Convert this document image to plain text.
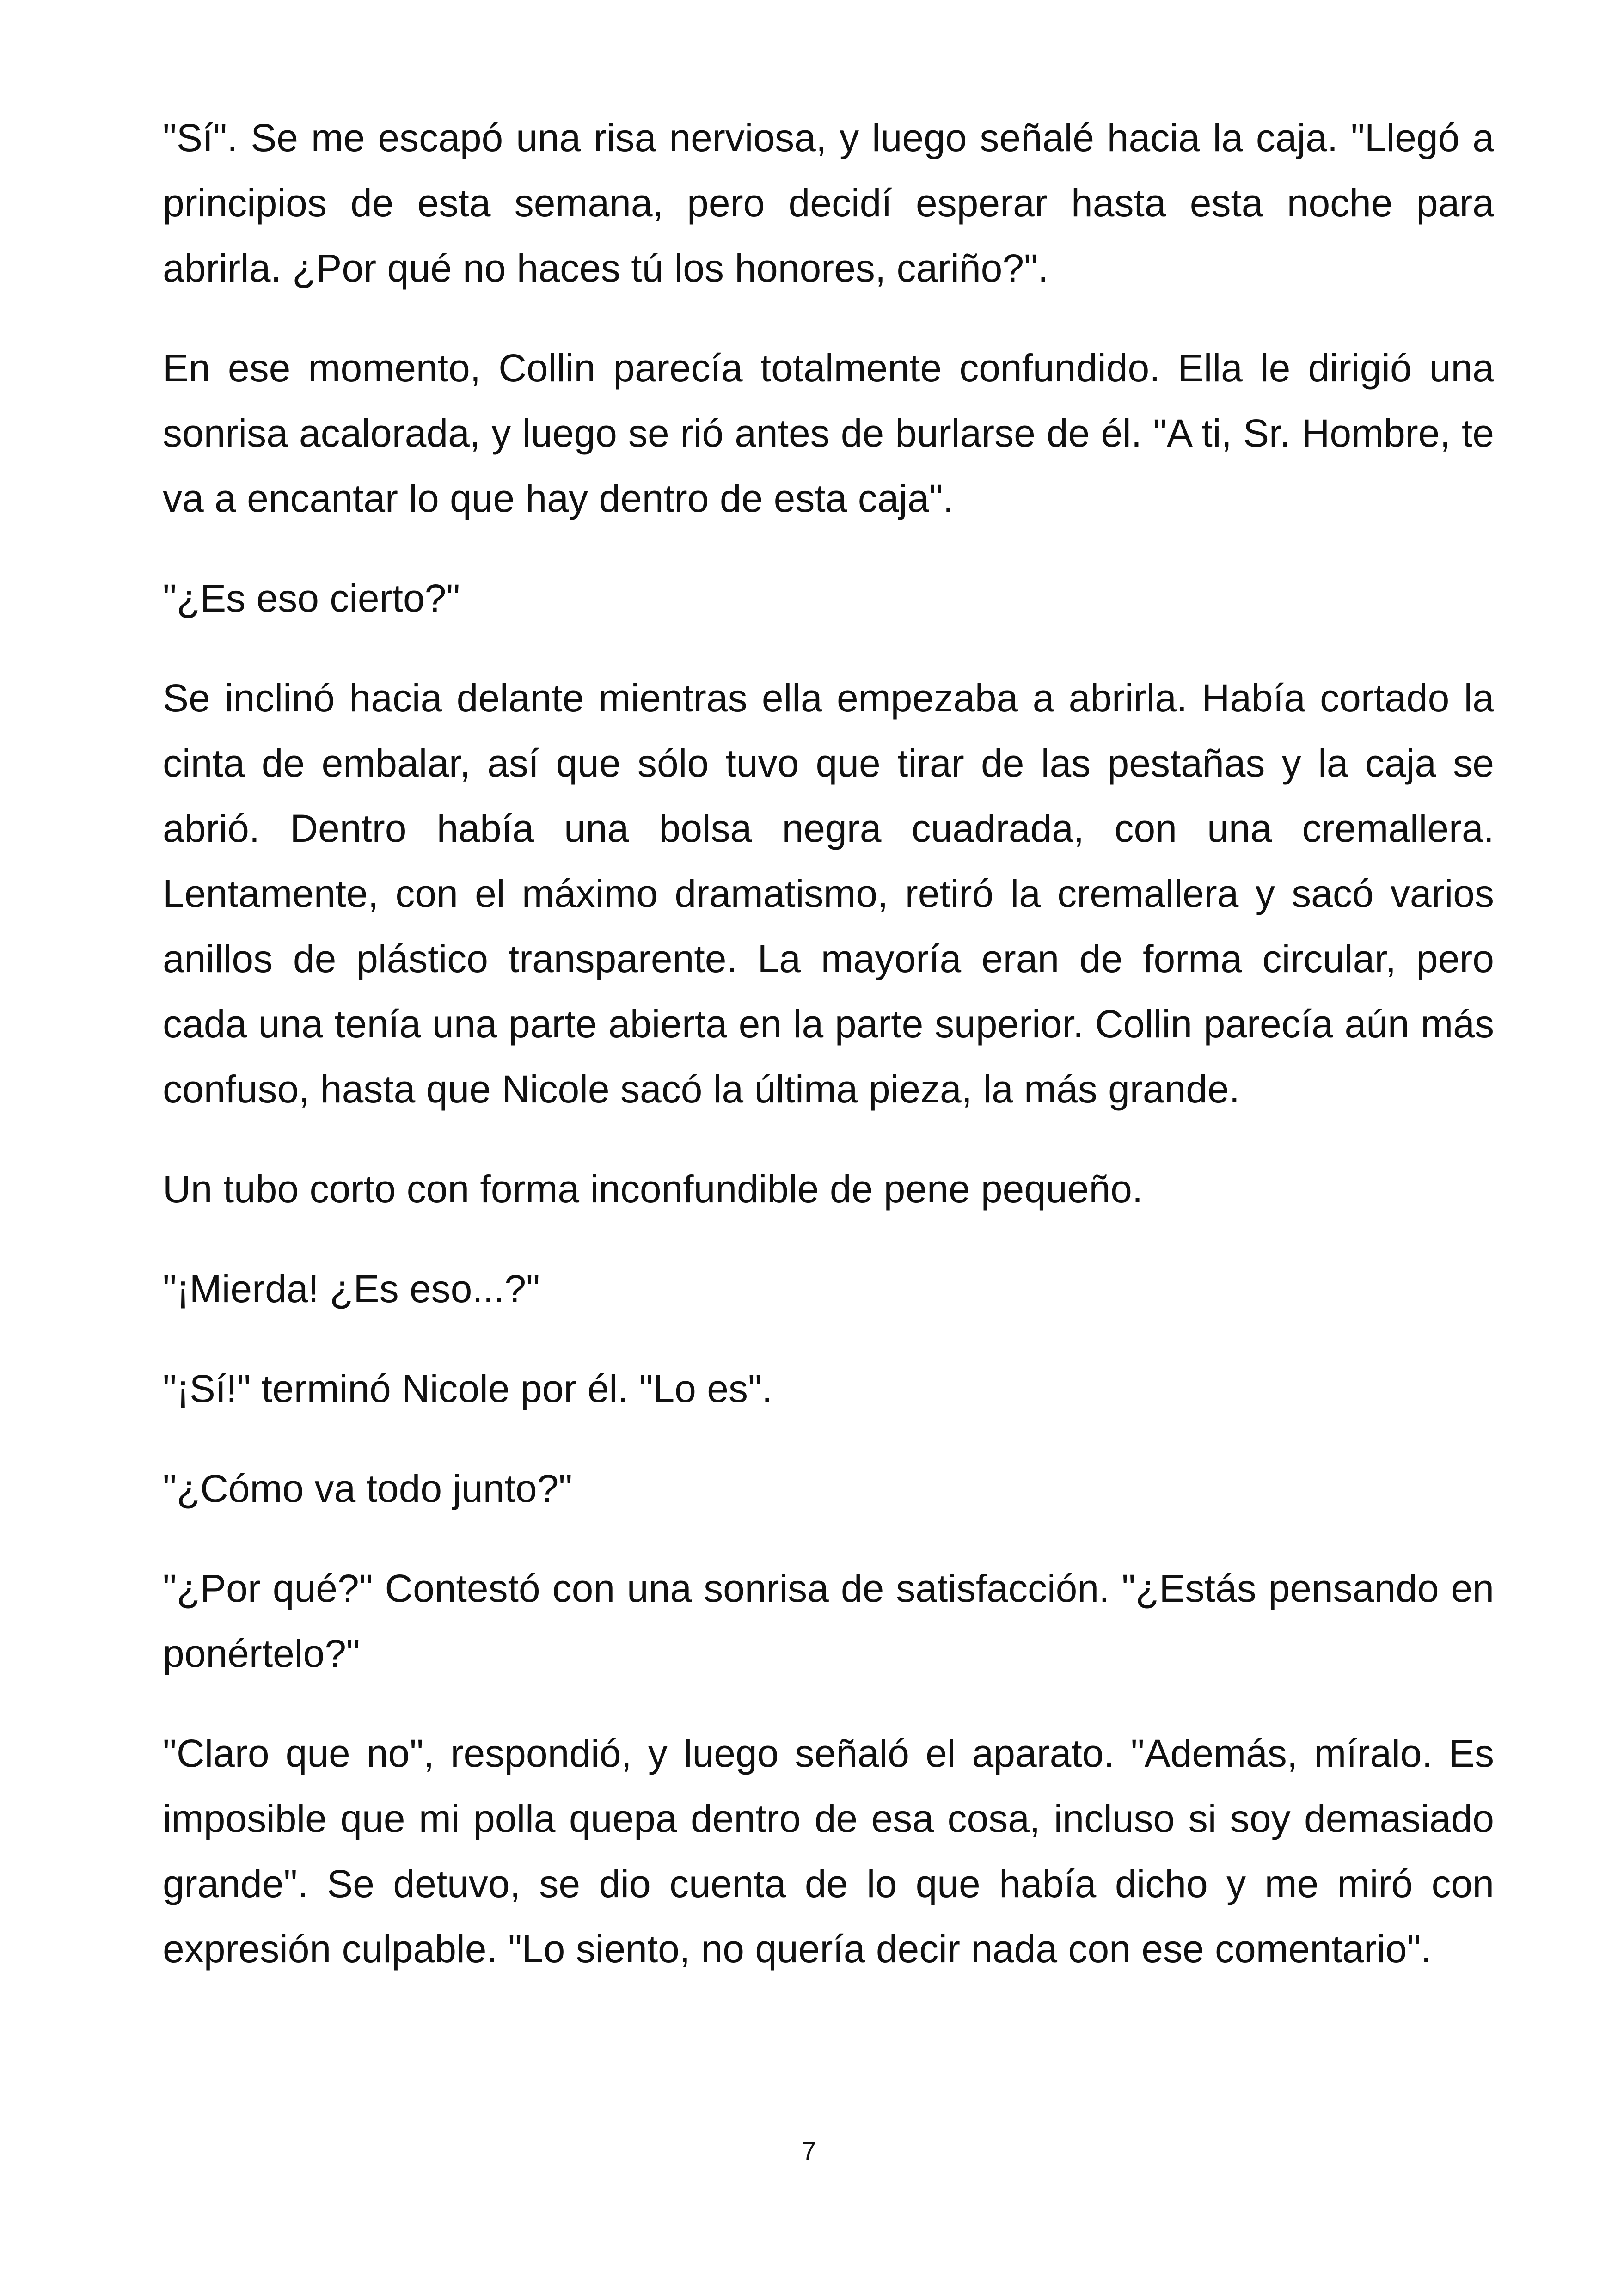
"Sí". Se me escapó una risa nerviosa, y luego señalé hacia la caja. "Llegó a principios de esta semana, pero decidí esperar hasta esta noche para abrirla. ¿Por qué no haces tú los honores, cariño?".

En ese momento, Collin parecía totalmente confundido. Ella le dirigió una sonrisa acalorada, y luego se rió antes de burlarse de él. "A ti, Sr. Hombre, te va a encantar lo que hay dentro de esta caja".

"¿Es eso cierto?"

Se inclinó hacia delante mientras ella empezaba a abrirla. Había cortado la cinta de embalar, así que sólo tuvo que tirar de las pestañas y la caja se abrió. Dentro había una bolsa negra cuadrada, con una cremallera. Lentamente, con el máximo dramatismo, retiró la cremallera y sacó varios anillos de plástico transparente. La mayoría eran de forma circular, pero cada una tenía una parte abierta en la parte superior. Collin parecía aún más confuso, hasta que Nicole sacó la última pieza, la más grande.

Un tubo corto con forma inconfundible de pene pequeño.

"¡Mierda! ¿Es eso...?"

"¡Sí!" terminó Nicole por él. "Lo es".

"¿Cómo va todo junto?"

"¿Por qué?" Contestó con una sonrisa de satisfacción. "¿Estás pensando en ponértelo?"

"Claro que no", respondió, y luego señaló el aparato. "Además, míralo. Es imposible que mi polla quepa dentro de esa cosa, incluso si soy demasiado grande". Se detuvo, se dio cuenta de lo que había dicho y me miró con expresión culpable. "Lo siento, no quería decir nada con ese comentario".

7
